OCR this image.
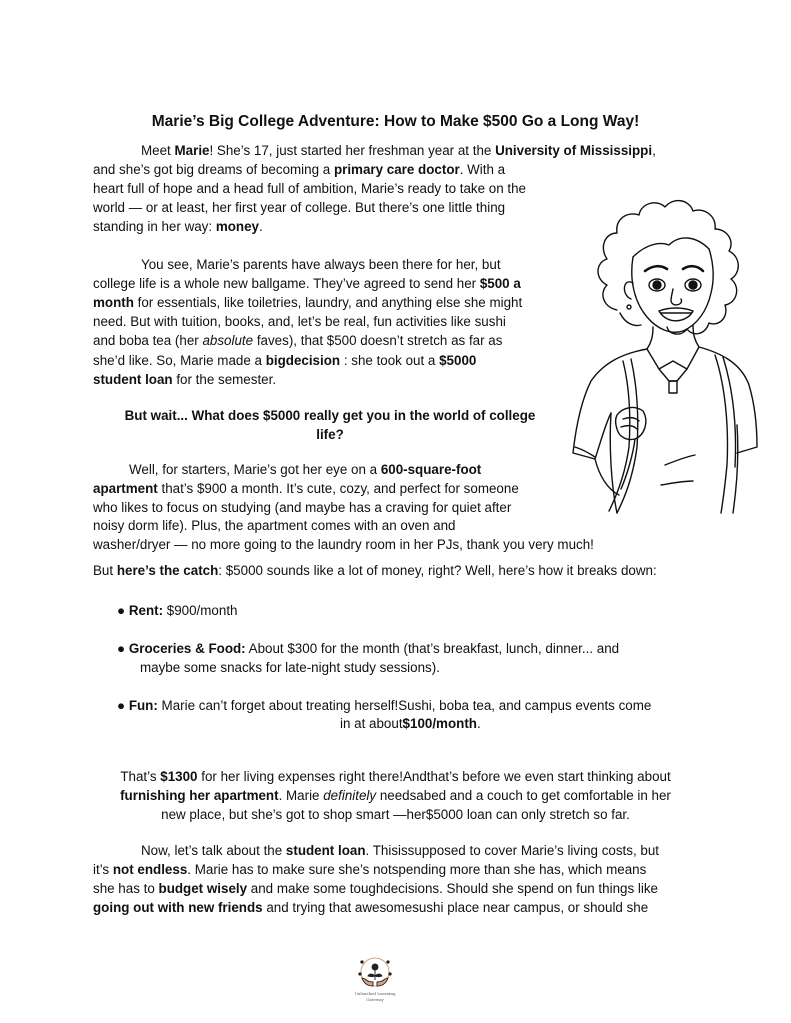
Marie’s Big College Adventure: How to Make $500 Go a Long Way!
Meet Marie! She’s 17, just started her freshman year at the University of Mississippi,
and she’s got big dreams of becoming a primary care doctor. With a
heart full of hope and a head full of ambition, Marie’s ready to take on the
world — or at least, her first year of college. But there’s one little thing
standing in her way: money.
You see, Marie’s parents have always been there for her, but
college life is a whole new ballgame. They’ve agreed to send her $500 a
month for essentials, like toiletries, laundry, and anything else she might
need. But with tuition, books, and, let’s be real, fun activities like sushi
and boba tea (her absolute faves), that $500 doesn’t stretch as far as
she’d like. So, Marie made a bigdecision : she took out a $5000
student loan for the semester.
But wait... What does $5000 really get you in the world of college
life?
Well, for starters, Marie’s got her eye on a 600-square-foot
apartment that’s $900 a month. It’s cute, cozy, and perfect for someone
who likes to focus on studying (and maybe has a craving for quiet after
noisy dorm life). Plus, the apartment comes with an oven and
washer/dryer — no more going to the laundry room in her PJs, thank you very much!
But here’s the catch: $5000 sounds like a lot of money, right? Well, here’s how it breaks down:
● Rent: $900/month
● Groceries & Food: About $300 for the month (that’s breakfast, lunch, dinner... and
maybe some snacks for late-night study sessions).
● Fun: Marie can’t forget about treating herself!Sushi, boba tea, and campus events come
in at about$100/month.
That’s $1300 for her living expenses right there!Andthat’s before we even start thinking about
furnishing her apartment. Marie definitely needsabed and a couch to get comfortable in her
new place, but she’s got to shop smart —her$5000 loan can only stretch so far.
Now, let’s talk about the student loan. Thisissupposed to cover Marie’s living costs, but
it’s not endless. Marie has to make sure she’s notspending more than she has, which means
she has to budget wisely and make some toughdecisions. Should she spend on fun things like
going out with new friends and trying that awesomesushi place near campus, or should she
Unleashed Learning
Gateway
